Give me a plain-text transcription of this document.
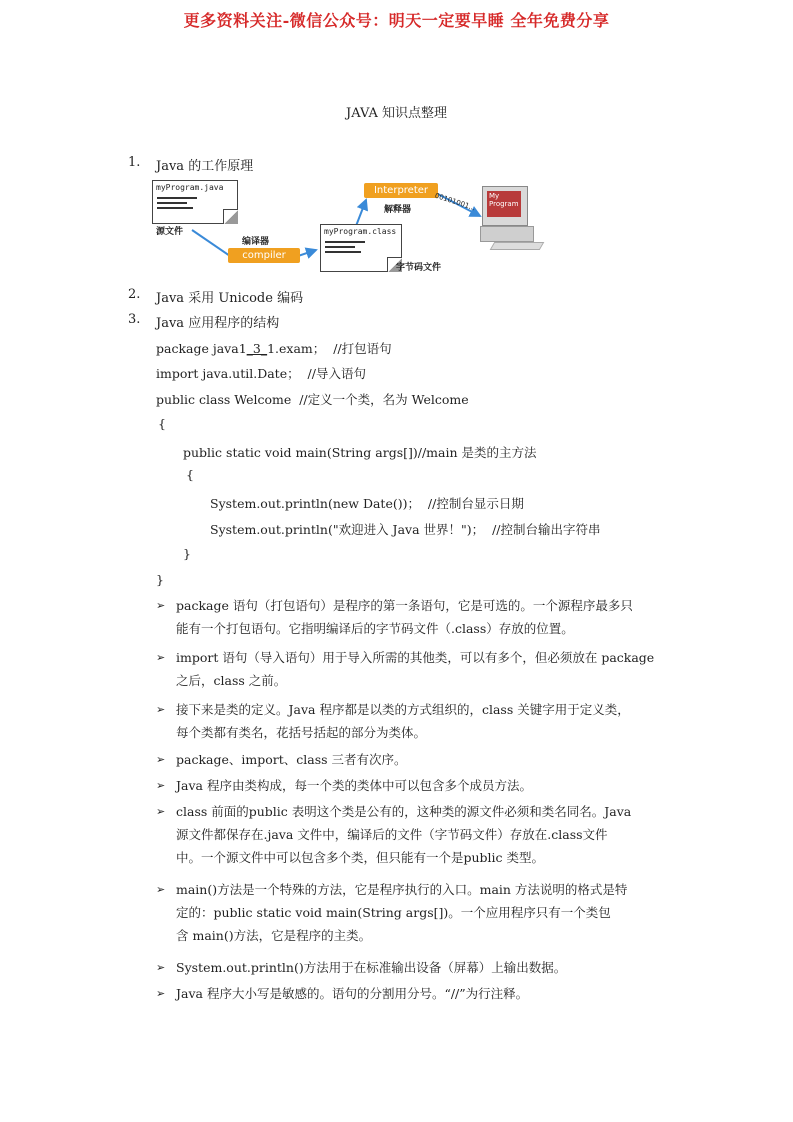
更多资料关注-微信公众号：明天一定要早睡 全年免费分享
JAVA 知识点整理
1. Java 的工作原理
myProgram.java
源文件
编译器
compiler
myProgram.class
字节码文件
Interpreter
解释器	00101001... My Program
2. Java 采用 Unicode 编码
3. Java 应用程序的结构
package java1_3_1.exam；  //打包语句
import java.util.Date；  //导入语句
public class Welcome  //定义一个类，名为 Welcome
{
public static void main(String args[])//main 是类的主方法
{
System.out.println(new Date())；  //控制台显示日期
System.out.println("欢迎进入 Java 世界！")；  //控制台输出字符串
}
}
➢ package 语句（打包语句）是程序的第一条语句，它是可选的。一个源程序最多只
能有一个打包语句。它指明编译后的字节码文件（.class）存放的位置。
➢ import 语句（导入语句）用于导入所需的其他类，可以有多个，但必须放在 package
之后，class 之前。
➢ 接下来是类的定义。Java 程序都是以类的方式组织的，class 关键字用于定义类，
每个类都有类名，花括号括起的部分为类体。
➢ package、import、class 三者有次序。
➢ Java 程序由类构成，每一个类的类体中可以包含多个成员方法。
➢ class 前面的public 表明这个类是公有的，这种类的源文件必须和类名同名。Java
源文件都保存在.java 文件中，编译后的文件（字节码文件）存放在.class文件
中。一个源文件中可以包含多个类，但只能有一个是public 类型。
➢ main()方法是一个特殊的方法，它是程序执行的入口。main 方法说明的格式是特
定的：public static void main(String args[])。一个应用程序只有一个类包
含 main()方法，它是程序的主类。
➢ System.out.println()方法用于在标准输出设备（屏幕）上输出数据。
➢ Java 程序大小写是敏感的。语句的分割用分号。“//”为行注释。
